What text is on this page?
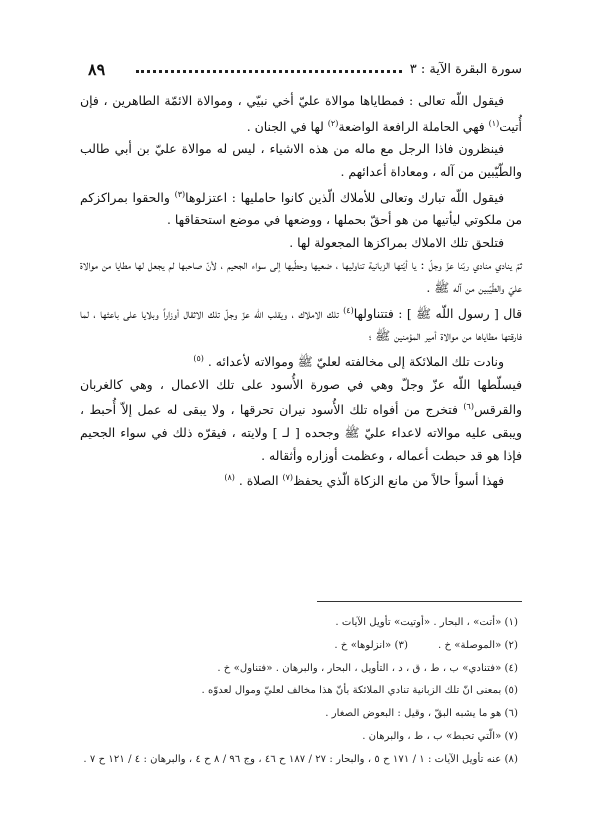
٨٩	سورة البقرة الآية : ٣

فيقول اللّه تعالى : فمطاياها موالاة عليّ أخي نبيّي ، وموالاة الائمّة الطاهرين ، فإن أُتيت$^{(١)}$ فهي الحاملة الرافعة الواضعة$^{(٢)}$ لها في الجنان .

فينظرون فاذا الرجل مع ماله من هذه الاشياء ، ليس له موالاة عليّ بن أبي طالب والطّيّبين من آله ، ومعاداة أعدائهم .

فيقول اللّه تبارك وتعالى للأملاك الّذين كانوا حامليها : اعتزلوها$^{(٣)}$ والحقوا بمراكزكم من ملكوتي ليأتيها من هو أحقّ بحملها ، ووضعها في موضع استحقاقها .

فتلحق تلك الاملاك بمراكزها المجعولة لها .

ثمّ ينادي منادي ربّنا عزّ وجلّ : يا أيّتها الزبانية تناوليها ، ضعيها وحطّيها إلى سواء الجحيم ، لأنّ صاحبها لم يجعل لها مطايا من موالاة عليّ والطّيّبين من آله ﷺ .

قال [ رسول اللّه ﷺ ] : فتتناولها$^{(٤)}$ تلك الاملاك ، ويقلب اللّه عزّ وجلّ تلك الاثقال أوزاراً وبلايا على باعثها ، لما فارقتها مطاياها من موالاة أمير المؤمنين ﷺ ؛

ونادت تلك الملائكة إلى مخالفته لعليّ ﷺ وموالاته لأعدائه . $^{(٥)}$

فيسلّطها اللّه عزّ وجلّ وهي في صورة الأُسود على تلك الاعمال ، وهي كالغربان والقرقس$^{(٦)}$ فتخرج من أفواه تلك الأُسود نيران تحرقها ، ولا يبقى له عمل إلاّ أُحبط ، ويبقى عليه موالاته لاعداء عليّ ﷺ وجحده [ لـ ] ولايته ، فيقرّه ذلك في سواء الجحيم فإذا هو قد حبطت أعماله ، وعظمت أوزاره وأثقاله .

فهذا أسوأ حالاً من مانع الزكاة الّذي يحفظ$^{(٧)}$ الصلاة . $^{(٨)}$

(١) «أتت» ، البحار . «أوتيت» تأويل الآيات .
(٢) «الموصلة» خ .(٣) «انزلوها» خ .
(٤) «فتنادي» ب ، ط ، ق ، د ، التأويل ، البحار ، والبرهان . «فتناول» خ .
(٥) بمعنى انّ تلك الزبانية تنادي الملائكة بأنّ هذا مخالف لعليّ وموال لعدوّه .
(٦) هو ما يشبه البقّ ، وقيل : البعوض الصغار .
(٧) «الّتي تحبط» ب ، ط ، والبرهان .
(٨) عنه تأويل الآيات : ١ / ١٧١ ح ٥ ، والبحار : ٢٧ / ١٨٧ ح ٤٦ ، وج ٩٦ / ٨ ح ٤ ، والبرهان : ٤ / ١٢١ ح ٧ .
